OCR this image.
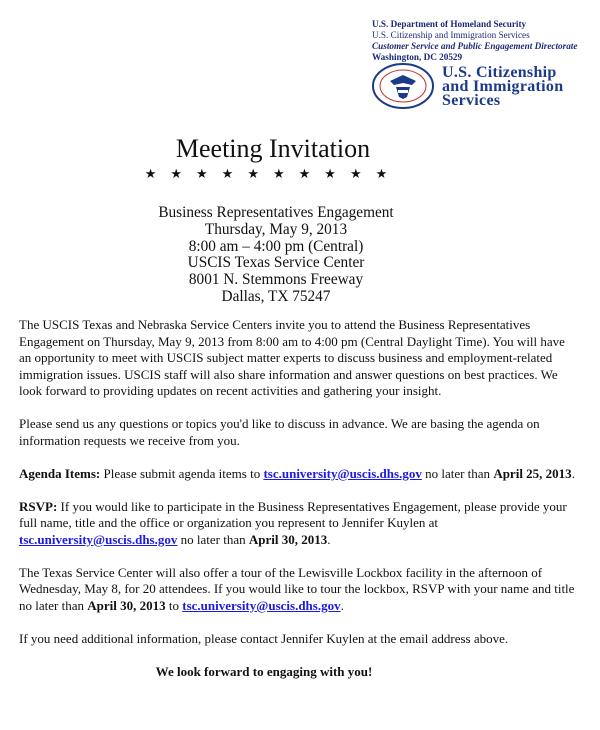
U.S. Department of Homeland Security
U.S. Citizenship and Immigration Services
Customer Service and Public Engagement Directorate
Washington, DC 20529
U.S. Citizenship
and Immigration
Services
Meeting Invitation
★★★★★★★★★★
Business Representatives Engagement
Thursday, May 9, 2013
8:00 am – 4:00 pm (Central)
USCIS Texas Service Center
8001 N. Stemmons Freeway
Dallas, TX 75247

The USCIS Texas and Nebraska Service Centers invite you to attend the Business Representatives Engagement on Thursday, May 9, 2013 from 8:00 am to 4:00 pm (Central Daylight Time). You will have an opportunity to meet with USCIS subject matter experts to discuss business and employment-related immigration issues. USCIS staff will also share information and answer questions on best practices. We look forward to providing updates on recent activities and gathering your insight.

Please send us any questions or topics you'd like to discuss in advance. We are basing the agenda on information requests we receive from you.

Agenda Items: Please submit agenda items to tsc.university@uscis.dhs.gov no later than April 25, 2013.

RSVP: If you would like to participate in the Business Representatives Engagement, please provide your full name, title and the office or organization you represent to Jennifer Kuylen at tsc.university@uscis.dhs.gov no later than April 30, 2013.

The Texas Service Center will also offer a tour of the Lewisville Lockbox facility in the afternoon of Wednesday, May 8, for 20 attendees. If you would like to tour the lockbox, RSVP with your name and title no later than April 30, 2013 to tsc.university@uscis.dhs.gov.

If you need additional information, please contact Jennifer Kuylen at the email address above.

We look forward to engaging with you!
